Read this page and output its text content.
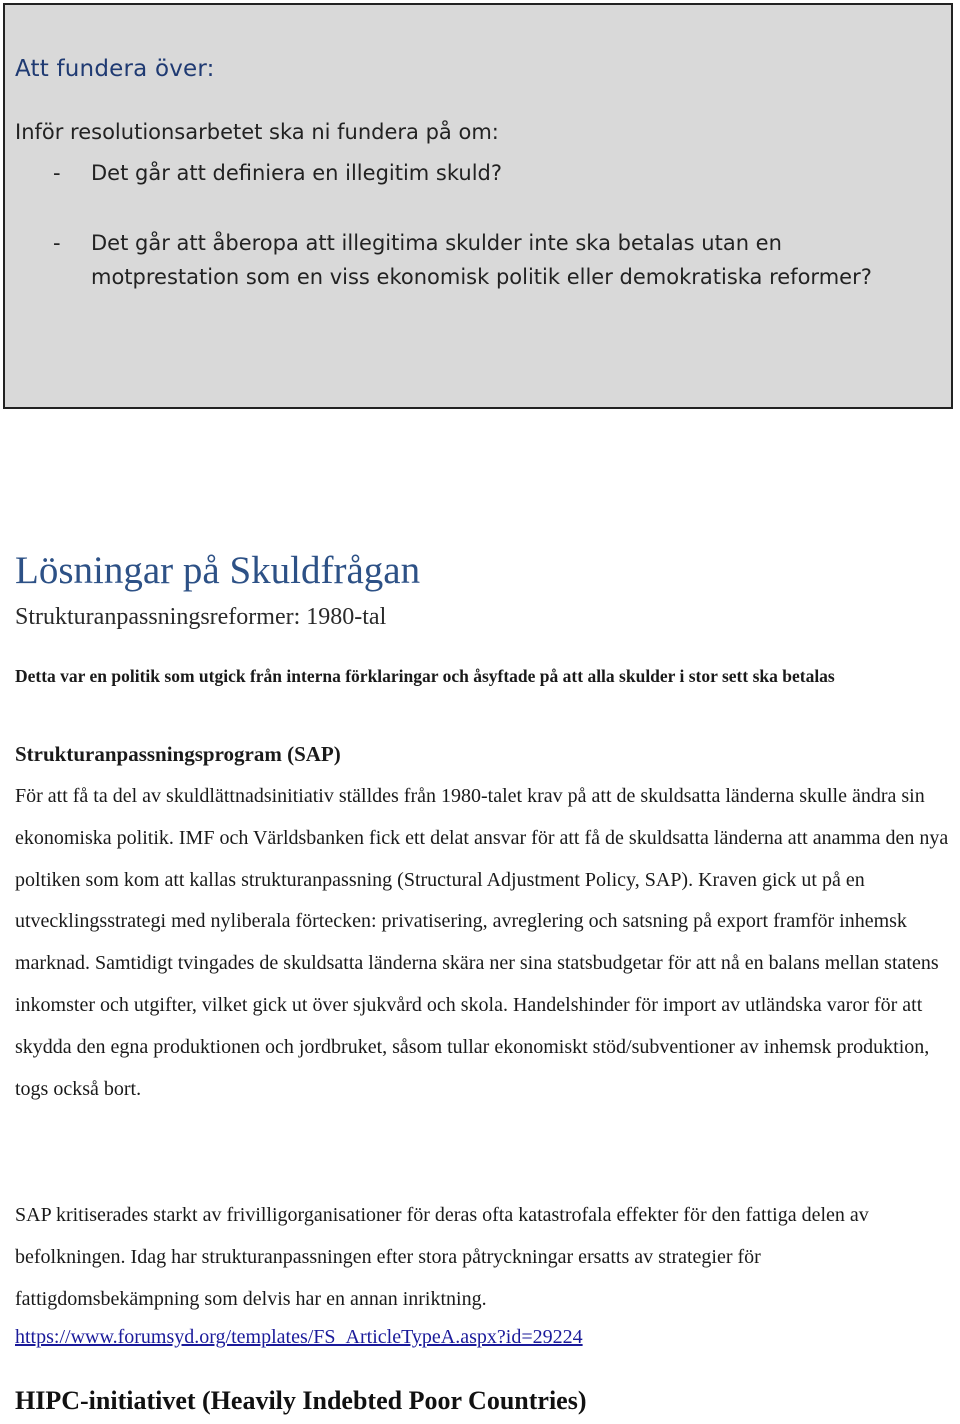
Att fundera över:

Inför resolutionsarbetet ska ni fundera på om:

- Det går att definiera en illegitim skuld?
- Det går att åberopa att illegitima skulder inte ska betalas utan en motprestation som en viss ekonomisk politik eller demokratiska reformer?
Lösningar på Skuldfrågan
Strukturanpassningsreformer: 1980-tal

Detta var en politik som utgick från interna förklaringar och åsyftade på att alla skulder i stor sett ska betalas

Strukturanpassningsprogram (SAP)

För att få ta del av skuldlättnadsinitiativ ställdes från 1980-talet krav på att de skuldsatta länderna skulle ändra sin ekonomiska politik. IMF och Världsbanken fick ett delat ansvar för att få de skuldsatta länderna att anamma den nya poltiken som kom att kallas strukturanpassning (Structural Adjustment Policy, SAP). Kraven gick ut på en utvecklingsstrategi med nyliberala förtecken: privatisering, avreglering och satsning på export framför inhemsk marknad. Samtidigt tvingades de skuldsatta länderna skära ner sina statsbudgetar för att nå en balans mellan statens inkomster och utgifter, vilket gick ut över sjukvård och skola. Handelshinder för import av utländska varor för att skydda den egna produktionen och jordbruket, såsom tullar ekonomiskt stöd/subventioner av inhemsk produktion, togs också bort.

SAP kritiserades starkt av frivilligorganisationer för deras ofta katastrofala effekter för den fattiga delen av befolkningen. Idag har strukturanpassningen efter stora påtryckningar ersatts av strategier för fattigdomsbekämpning som delvis har en annan inriktning.

https://www.forumsyd.org/templates/FS_ArticleTypeA.aspx?id=29224
HIPC-initiativet (Heavily Indebted Poor Countries)
